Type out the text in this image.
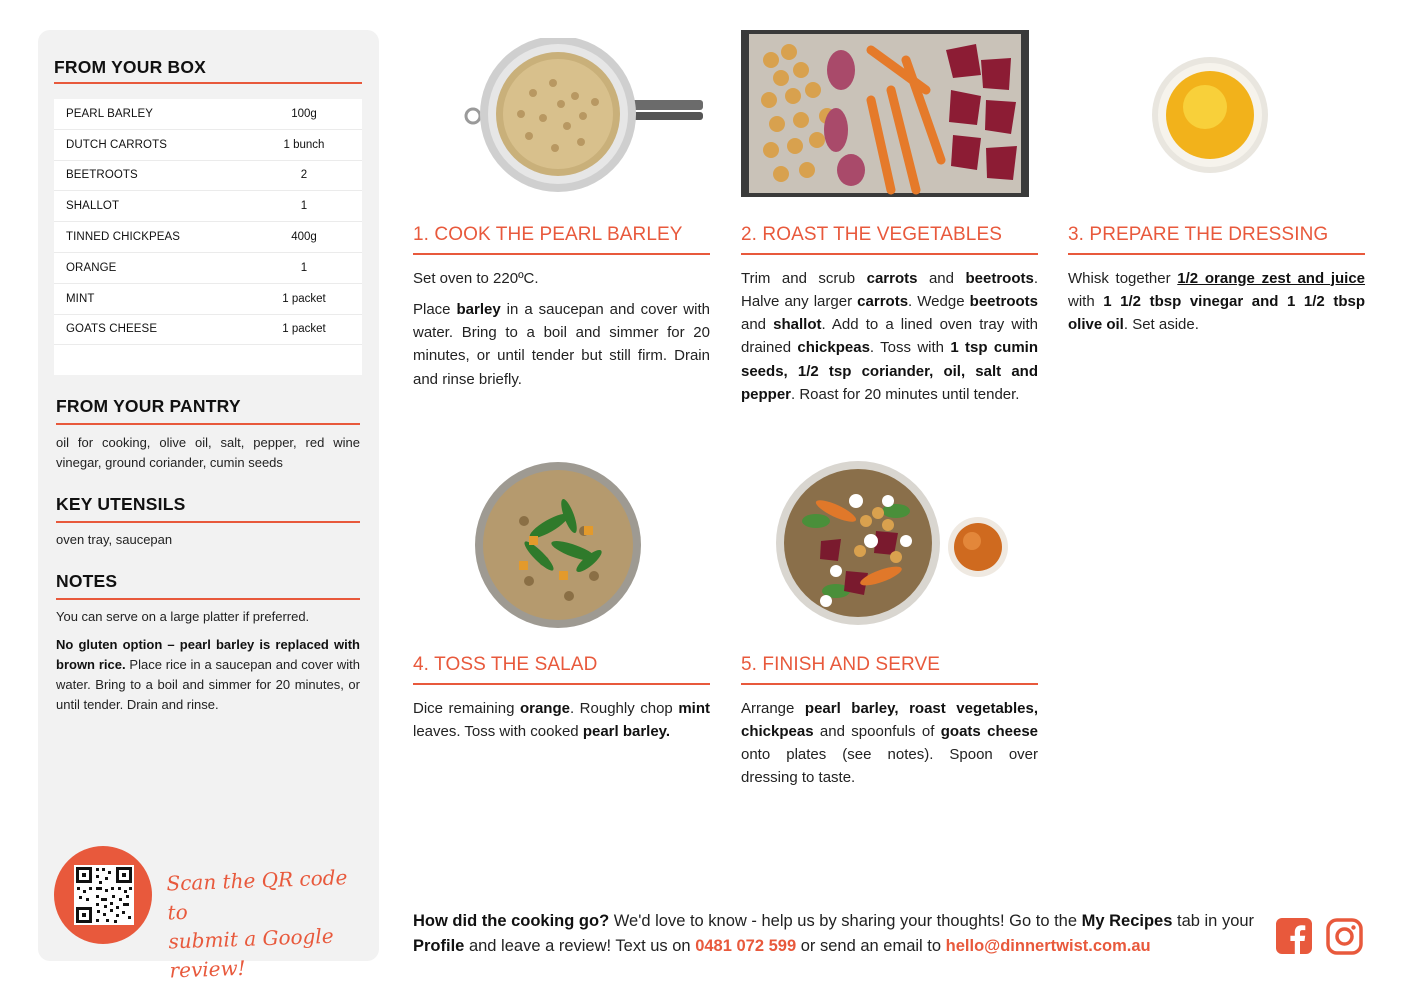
FROM YOUR BOX
PEARL BARLEY	100g
DUTCH CARROTS	1 bunch
BEETROOTS	2
SHALLOT	1
TINNED CHICKPEAS	400g
ORANGE	1
MINT	1 packet
GOATS CHEESE	1 packet
FROM YOUR PANTRY
oil for cooking, olive oil, salt, pepper, red wine vinegar, ground coriander, cumin seeds
KEY UTENSILS
oven tray, saucepan
NOTES

You can serve on a large platter if preferred.

No gluten option – pearl barley is replaced with brown rice. Place rice in a saucepan and cover with water. Bring to a boil and simmer for 20 minutes, or until tender. Drain and rinse.

Scan the QR code to
submit a Google review!
1. COOK THE PEARL BARLEY

Set oven to 220ºC.

Place barley in a saucepan and cover with water. Bring to a boil and simmer for 20 minutes, or until tender but still firm. Drain and rinse briefly.

2. ROAST THE VEGETABLES

Trim and scrub carrots and beetroots. Halve any larger carrots. Wedge beetroots and shallot. Add to a lined oven tray with drained chickpeas. Toss with 1 tsp cumin seeds, 1/2 tsp coriander, oil, salt and pepper. Roast for 20 minutes until tender.

3. PREPARE THE DRESSING

Whisk together 1/2 orange zest and juice with 1 1/2 tbsp vinegar and 1 1/2 tbsp olive oil. Set aside.

4. TOSS THE SALAD

Dice remaining orange. Roughly chop mint leaves. Toss with cooked pearl barley.

5. FINISH AND SERVE

Arrange pearl barley, roast vegetables, chickpeas and spoonfuls of goats cheese onto plates (see notes). Spoon over dressing to taste.

How did the cooking go? We'd love to know - help us by sharing your thoughts! Go to the My Recipes tab in your Profile and leave a review! Text us on 0481 072 599 or send an email to hello@dinnertwist.com.au
